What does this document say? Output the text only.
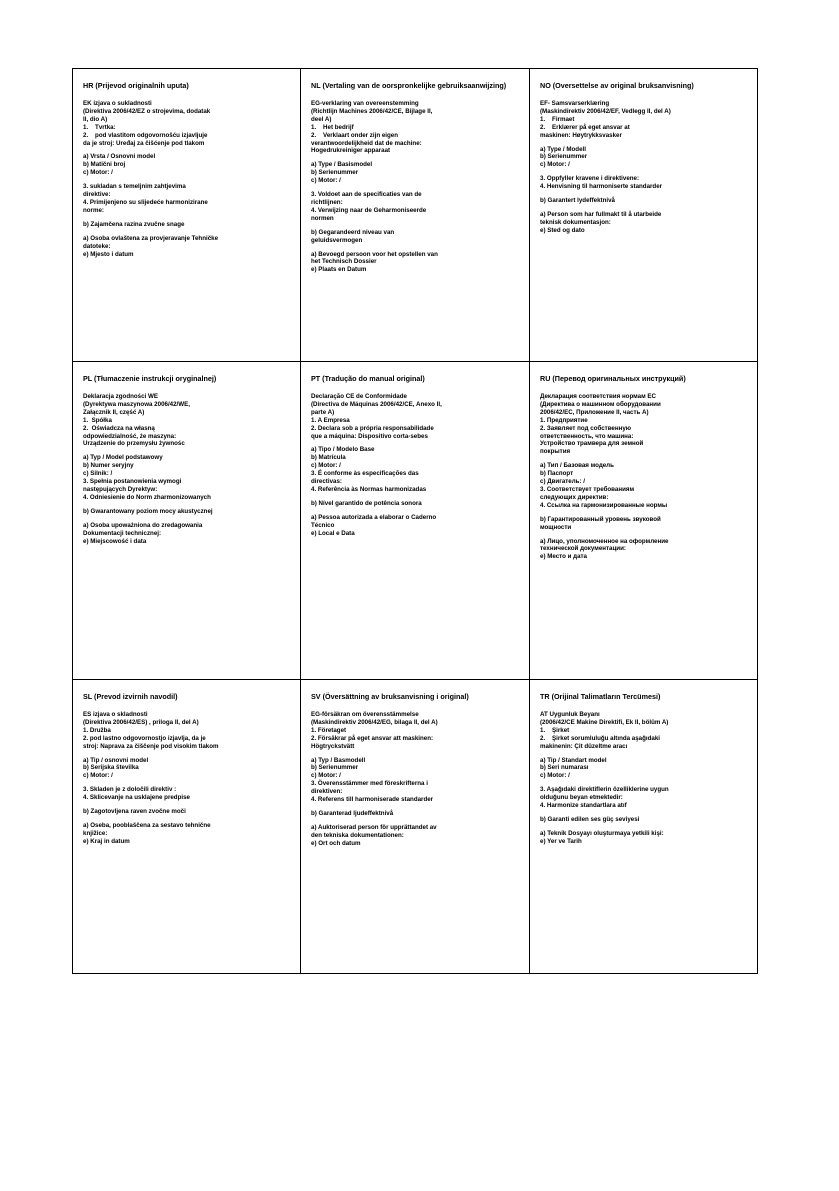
HR (Prijevod originalnih uputa)
EK izjava o sukladnosti
(Direktiva 2006/42/EZ o strojevima, dodatak
II, dio A)
1.    Tvrtka:
2.    pod vlastitom odgovornošću izjavljuje
da je stroj: Uređaj za čišćenje pod tlakom
a) Vrsta / Osnovni model
b) Matični broj
c) Motor: /
3. sukladan s temeljnim zahtjevima
direktive:
4. Primijenjeno su slijedeće harmonizirane
norme:
b) Zajamčena razina zvučne snage
a) Osoba ovlaštena za provjeravanje Tehničke
datoteke:
e) Mjesto i datum
NL (Vertaling van de oorspronkelijke gebruiksaanwijzing)
EG-verklaring van overeenstemming
(Richtlijn Machines 2006/42/CE, Bijlage II,
deel A)
1.    Het bedrijf
2.    Verklaart onder zijn eigen
verantwoordelijkheid dat de machine:
Hogedrukreiniger apparaat
a) Type / Basismodel
b) Serienummer
c) Motor: /
3. Voldoet aan de specificaties van de
richtlijnen:
4. Verwijzing naar de Geharmoniseerde
normen
b) Gegarandeerd niveau van
geluidsvermogen
a) Bevoegd persoon voor het opstellen van
het Technisch Dossier
e) Plaats en Datum
NO (Oversettelse av original bruksanvisning)
EF- Samsvarserklæring
(Maskindirektiv 2006/42/EF, Vedlegg II, del A)
1.    Firmaet
2.    Erklærer på eget ansvar at
maskinen: Høytrykksvasker
a) Type / Modell
b) Serienummer
c) Motor: /
3. Oppfyller kravene i direktivene:
4. Henvisning til harmoniserte standarder
b) Garantert lydeffektnivå
a) Person som har fullmakt til å utarbeide
teknisk dokumentasjon:
e) Sted og dato
PL (Tłumaczenie instrukcji oryginalnej)
Deklaracja zgodności WE
(Dyrektywa maszynowa 2006/42/WE,
Załącznik II, część A)
1.  Spółka
2.  Oświadcza na własną
odpowiedzialność, że maszyna:
Urządzenie do przemysłu żywnośc
a) Typ / Model podstawowy
b) Numer seryjny
c) Silnik: /
3. Spełnia postanowienia wymogi
następujących Dyrektyw:
4. Odniesienie do Norm zharmonizowanych
b) Gwarantowany poziom mocy akustycznej
a) Osoba upoważniona do zredagowania
Dokumentacji technicznej:
e) Miejscowość i data
PT (Tradução do manual original)
Declaração CE de Conformidade
(Directiva de Máquinas 2006/42/CE, Anexo II,
parte A)
1. A Empresa
2. Declara sob a própria responsabilidade
que a máquina: Dispositivo corta-sebes
a) Tipo / Modelo Base
b) Matrícula
c) Motor: /
3. É conforme às especificações das
directivas:
4. Referência às Normas harmonizadas
b) Nível garantido de potência sonora
a) Pessoa autorizada a elaborar o Caderno
Técnico
e) Local e Data
RU (Перевод оригинальных инструкций)
Декларация соответствия нормам ЕС
(Директива о машинном оборудовании
2006/42/ЕС, Приложение II, часть А)
1. Предприятие
2. Заявляет под собственную
ответственность, что машина:
Устройство трамвера для земной
покрытия
a) Тип / Базовая модель
b) Паспорт
c) Двигатель: /
3. Соответствует требованиям
следующих директив:
4. Ссылка на гармонизированные нормы
b) Гарантированный уровень звуковой
мощности
a) Лицо, уполномоченное на оформление
технической документации:
e) Место и дата
SL (Prevod izvirnih navodil)
ES izjava o skladnosti
(Direktiva 2006/42/ES) , priloga II, del A)
1. Družba
2. pod lastno odgovornostjo izjavlja, da je
stroj: Naprava za čiščenje pod visokim tlakom
a) Tip / osnovni model
b) Serijska številka
c) Motor: /
3. Skladen je z določili direktiv :
4. Sklicevanje na usklajene predpise
b) Zagotovljena raven zvočne moči
a) Oseba, pooblaščena za sestavo tehnične
knjižice:
e) Kraj in datum
SV (Översättning av bruksanvisning i original)
EG-försäkran om överensstämmelse
(Maskindirektiv 2006/42/EG, bilaga II, del A)
1. Företaget
2. Försäkrar på eget ansvar att maskinen:
Högtryckstvätt
a) Typ / Basmodell
b) Serienummer
c) Motor: /
3. Överensstämmer med föreskrifterna i
direktiven:
4. Referens till harmoniserade standarder
b) Garanterad ljudeffektnivå
a) Auktoriserad person för upprättandet av
den tekniska dokumentationen:
e) Ort och datum
TR (Orijinal Talimatların Tercümesi)
AT Uygunluk Beyanı
(2006/42/CE Makine Direktifi, Ek II, bölüm A)
1.    Şirket
2.    Şirket sorumluluğu altında aşağıdaki
makinenin: Çit düzeltme aracı
a) Tip / Standart model
b) Seri numarası
c) Motor: /
3. Aşağıdaki direktiflerin özelliklerine uygun
olduğunu beyan etmektedir:
4. Harmonize standartlara atıf
b) Garanti edilen ses güç seviyesi
a) Teknik Dosyayı oluşturmaya yetkili kişi:
e) Yer ve Tarih
